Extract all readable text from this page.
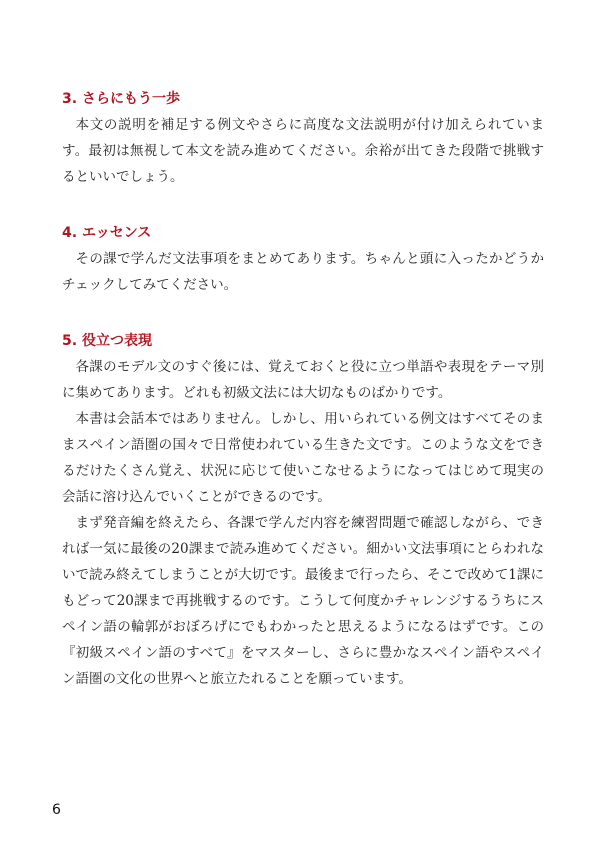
3. さらにもう一歩

本文の説明を補足する例文やさらに高度な文法説明が付け加えられています。最初は無視して本文を読み進めてください。余裕が出てきた段階で挑戦するといいでしょう。

4. エッセンス

その課で学んだ文法事項をまとめてあります。ちゃんと頭に入ったかどうかチェックしてみてください。

5. 役立つ表現

各課のモデル文のすぐ後には、覚えておくと役に立つ単語や表現をテーマ別に集めてあります。どれも初級文法には大切なものばかりです。

本書は会話本ではありません。しかし、用いられている例文はすべてそのままスペイン語圏の国々で日常使われている生きた文です。このような文をできるだけたくさん覚え、状況に応じて使いこなせるようになってはじめて現実の会話に溶け込んでいくことができるのです。

まず発音編を終えたら、各課で学んだ内容を練習問題で確認しながら、できれば一気に最後の20課まで読み進めてください。細かい文法事項にとらわれないで読み終えてしまうことが大切です。最後まで行ったら、そこで改めて1課にもどって20課まで再挑戦するのです。こうして何度かチャレンジするうちにスペイン語の輪郭がおぼろげにでもわかったと思えるようになるはずです。この『初級スペイン語のすべて』をマスターし、さらに豊かなスペイン語やスペイン語圏の文化の世界へと旅立たれることを願っています。

6
